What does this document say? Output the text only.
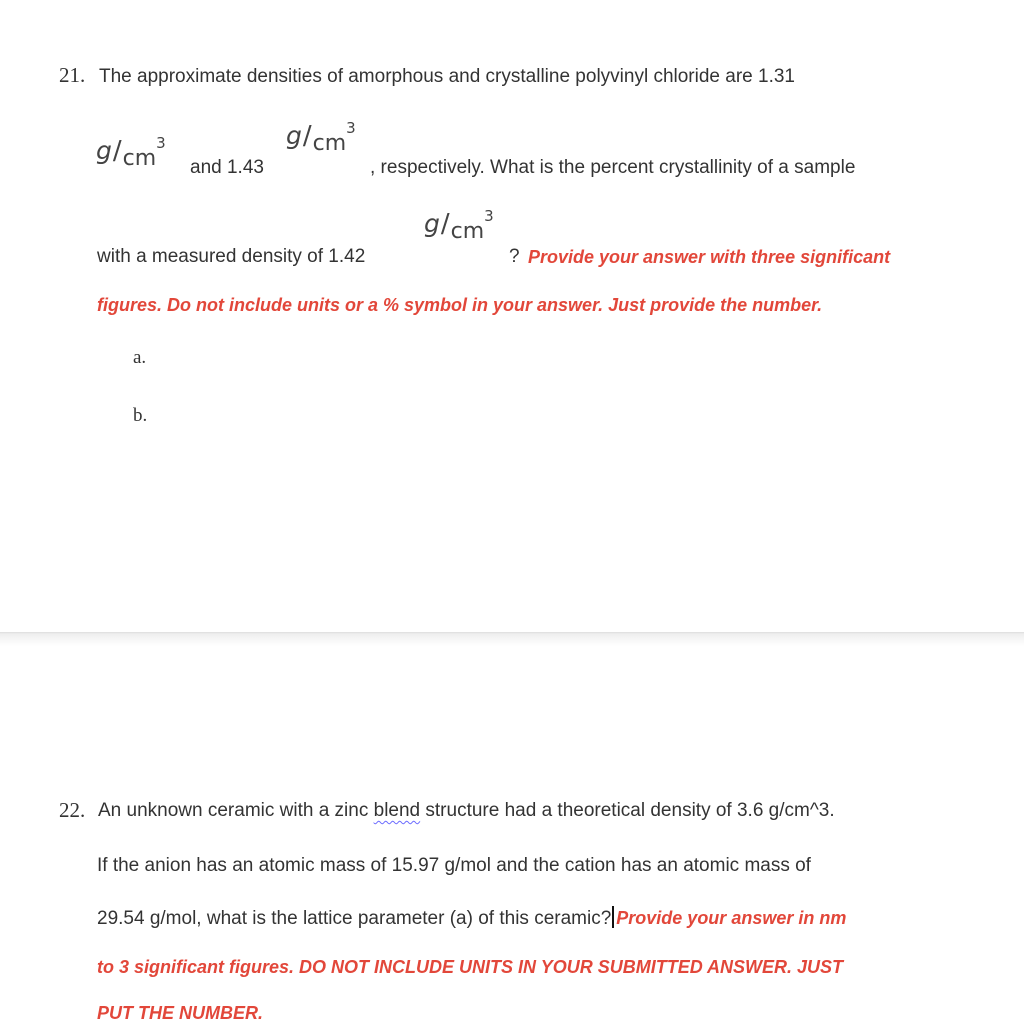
21. The approximate densities of amorphous and crystalline polyvinyl chloride are 1.31
$g/cm^3$
and 1.43
$g/cm^3$
, respectively. What is the percent crystallinity of a sample
$g/cm^3$
with a measured density of 1.42	? Provide your answer with three significant
figures. Do not include units or a % symbol in your answer. Just provide the number.
a.
b.
22. An unknown ceramic with a zinc blend structure had a theoretical density of 3.6 g/cm^3.
If the anion has an atomic mass of 15.97 g/mol and the cation has an atomic mass of
29.54 g/mol, what is the lattice parameter (a) of this ceramic? Provide your answer in nm
to 3 significant figures. DO NOT INCLUDE UNITS IN YOUR SUBMITTED ANSWER. JUST
PUT THE NUMBER.
